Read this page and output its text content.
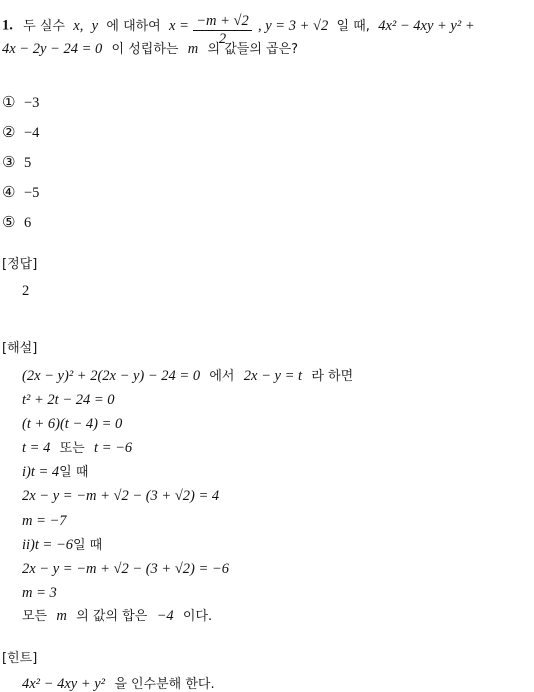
1. 두 실수 x, y 에 대하여 $x = \frac{-m + √2}{2}$ , y = 3 + √2 일 때, 4x² − 4xy + y² +
4x − 2y − 24 = 0 이 성립하는 m 의 값들의 곱은?
① −3
② −4
③ 5
④ −5
⑤ 6
[정답]
2
[해설]
(2x − y)² + 2(2x − y) − 24 = 0 에서 2x − y = t 라 하면
t² + 2t − 24 = 0
(t + 6)(t − 4) = 0
t = 4 또는 t = −6
i)t = 4일 때
2x − y = −m + √2 − (3 + √2) = 4
m = −7
ii)t = −6일 때
2x − y = −m + √2 − (3 + √2) = −6
m = 3
모든 m 의 값의 합은 −4 이다.
[힌트]
4x² − 4xy + y² 을 인수분해 한다.
